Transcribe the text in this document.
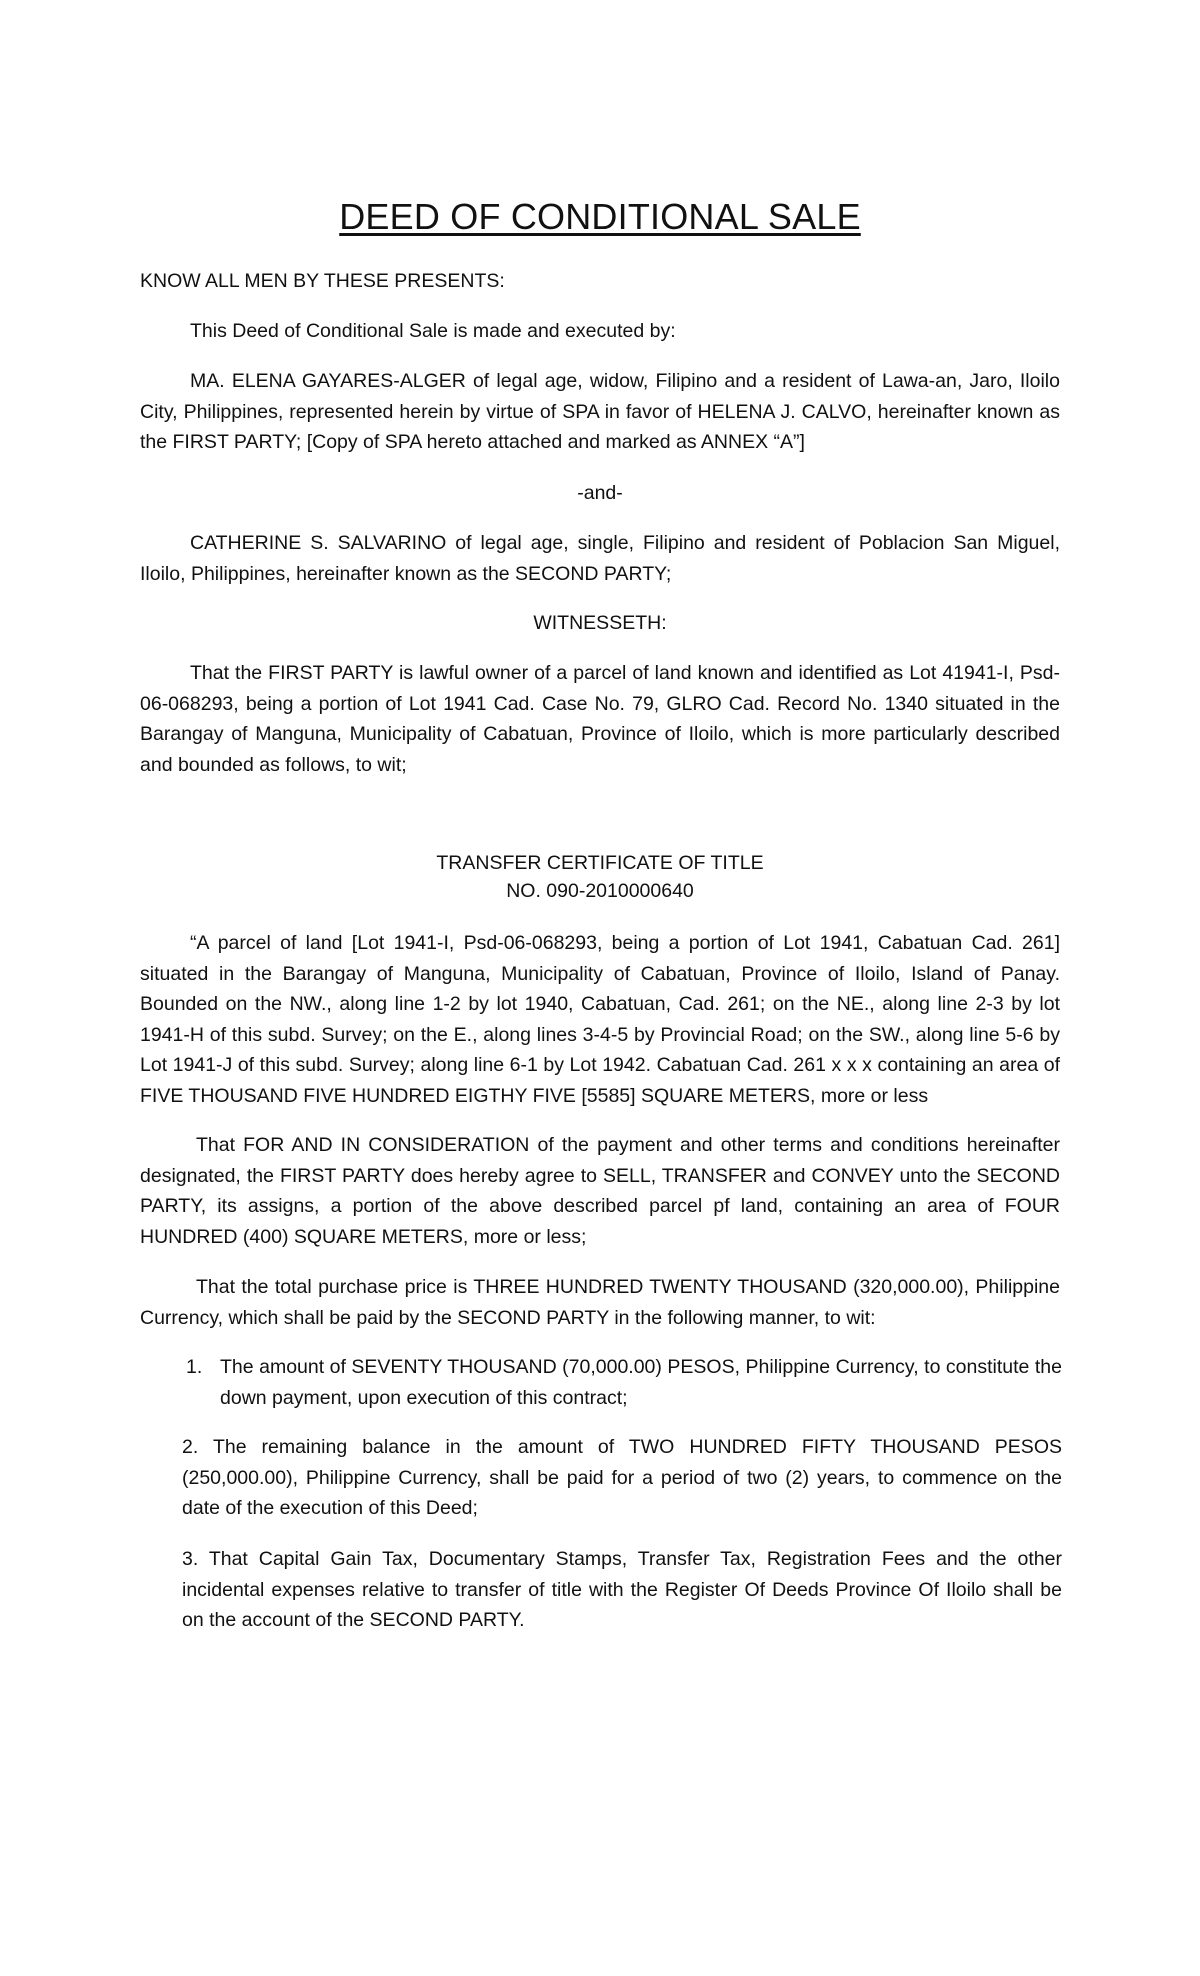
DEED OF CONDITIONAL SALE

KNOW ALL MEN BY THESE PRESENTS:

This Deed of Conditional Sale is made and executed by:

MA. ELENA GAYARES-ALGER of legal age, widow, Filipino and a resident of Lawa-an, Jaro, Iloilo City, Philippines, represented herein by virtue of SPA in favor of HELENA J. CALVO, hereinafter known as the FIRST PARTY; [Copy of SPA hereto attached and marked as ANNEX “A”]

-and-

CATHERINE S. SALVARINO of legal age, single, Filipino and resident of Poblacion San Miguel, Iloilo, Philippines, hereinafter known as the SECOND PARTY;

WITNESSETH:

That the FIRST PARTY is lawful owner of a parcel of land known and identified as Lot 41941-I, Psd-06-068293, being a portion of Lot 1941 Cad. Case No. 79, GLRO Cad. Record No. 1340 situated in the Barangay of Manguna, Municipality of Cabatuan, Province of Iloilo, which is more particularly described and bounded as follows, to wit;

TRANSFER CERTIFICATE OF TITLE

NO. 090-2010000640

“A parcel of land [Lot 1941-I, Psd-06-068293, being a portion of Lot 1941, Cabatuan Cad. 261] situated in the Barangay of Manguna, Municipality of Cabatuan, Province of Iloilo, Island of Panay. Bounded on the NW., along line 1-2 by lot 1940, Cabatuan, Cad. 261; on the NE., along line 2-3 by lot 1941-H of this subd. Survey; on the E., along lines 3-4-5 by Provincial Road; on the SW., along line 5-6 by Lot 1941-J of this subd. Survey; along line 6-1 by Lot 1942. Cabatuan Cad. 261 x x x containing an area of FIVE THOUSAND FIVE HUNDRED EIGTHY FIVE [5585] SQUARE METERS, more or less

That FOR AND IN CONSIDERATION of the payment and other terms and conditions hereinafter designated, the FIRST PARTY does hereby agree to SELL, TRANSFER and CONVEY unto the SECOND PARTY, its assigns, a portion of the above described parcel pf land, containing an area of FOUR HUNDRED (400) SQUARE METERS, more or less;

That the total purchase price is THREE HUNDRED TWENTY THOUSAND (320,000.00), Philippine Currency, which shall be paid by the SECOND PARTY in the following manner, to wit:

1. The amount of SEVENTY THOUSAND (70,000.00) PESOS, Philippine Currency, to constitute the down payment, upon execution of this contract;
2. The remaining balance in the amount of TWO HUNDRED FIFTY THOUSAND PESOS (250,000.00), Philippine Currency, shall be paid for a period of two (2) years, to commence on the date of the execution of this Deed;
3. That Capital Gain Tax, Documentary Stamps, Transfer Tax, Registration Fees and the other incidental expenses relative to transfer of title with the Register Of Deeds Province Of Iloilo shall be on the account of the SECOND PARTY.
